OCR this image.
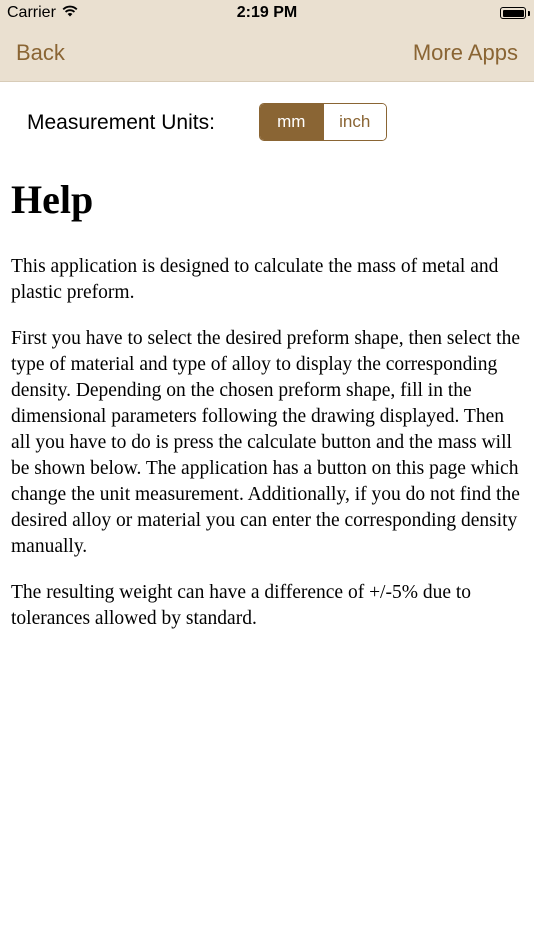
Carrier	2:19 PM
Back	More Apps
Measurement Units:	mm	inch
Help

This application is designed to calculate the mass of metal and plastic preform.

First you have to select the desired preform shape, then select the type of material and type of alloy to display the corresponding density. Depending on the chosen preform shape, fill in the dimensional parameters following the drawing displayed. Then all you have to do is press the calculate button and the mass will be shown below. The application has a button on this page which change the unit measurement. Additionally, if you do not find the desired alloy or material you can enter the corresponding density manually.

The resulting weight can have a difference of +/-5% due to tolerances allowed by standard.
